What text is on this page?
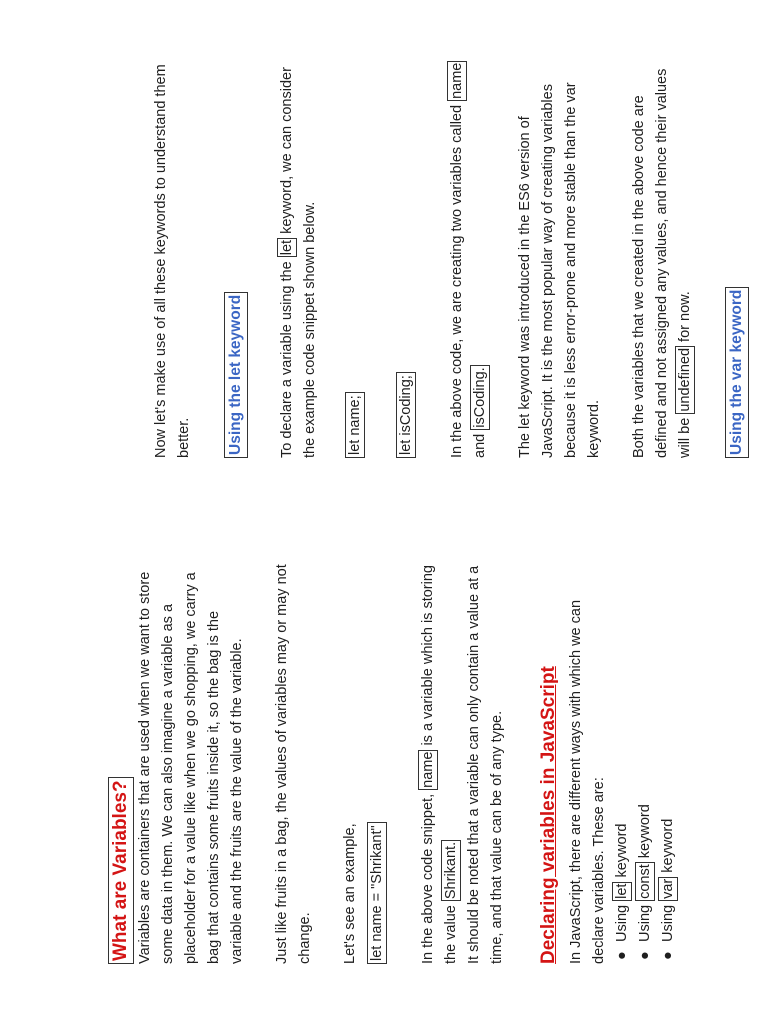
What are Variables? Variables are containers that are used when we want to store some data in them. We can also imagine a variable as a placeholder for a value like when we go shopping, we carry a bag that contains some fruits inside it, so the bag is the variable and the fruits are the value of the variable. Just like fruits in a bag, the values of variables may or may not change. Let's see an example, let name = "Shrikant" In the above code snippet, name is a variable which is storing the value Shrikant. It should be noted that a variable can only contain a value at a time, and that value can be of any type. Declaring variables in JavaScript In JavaScript, there are different ways with which we can declare variables. These are: ●
Using let keyword
●
Using const keyword
●
Using var keyword

Now let's make use of all these keywords to understand them better. Using the let keyword To declare a variable using the let keyword, we can consider the example code snippet shown below. let name; let isCoding; In the above code, we are creating two variables called name and isCoding. The let keyword was introduced in the ES6 version of JavaScript. It is the most popular way of creating variables because it is less error-prone and more stable than the var keyword. Both the variables that we created in the above code are defined and not assigned any values, and hence their values will be undefined for now. Using the var keyword
